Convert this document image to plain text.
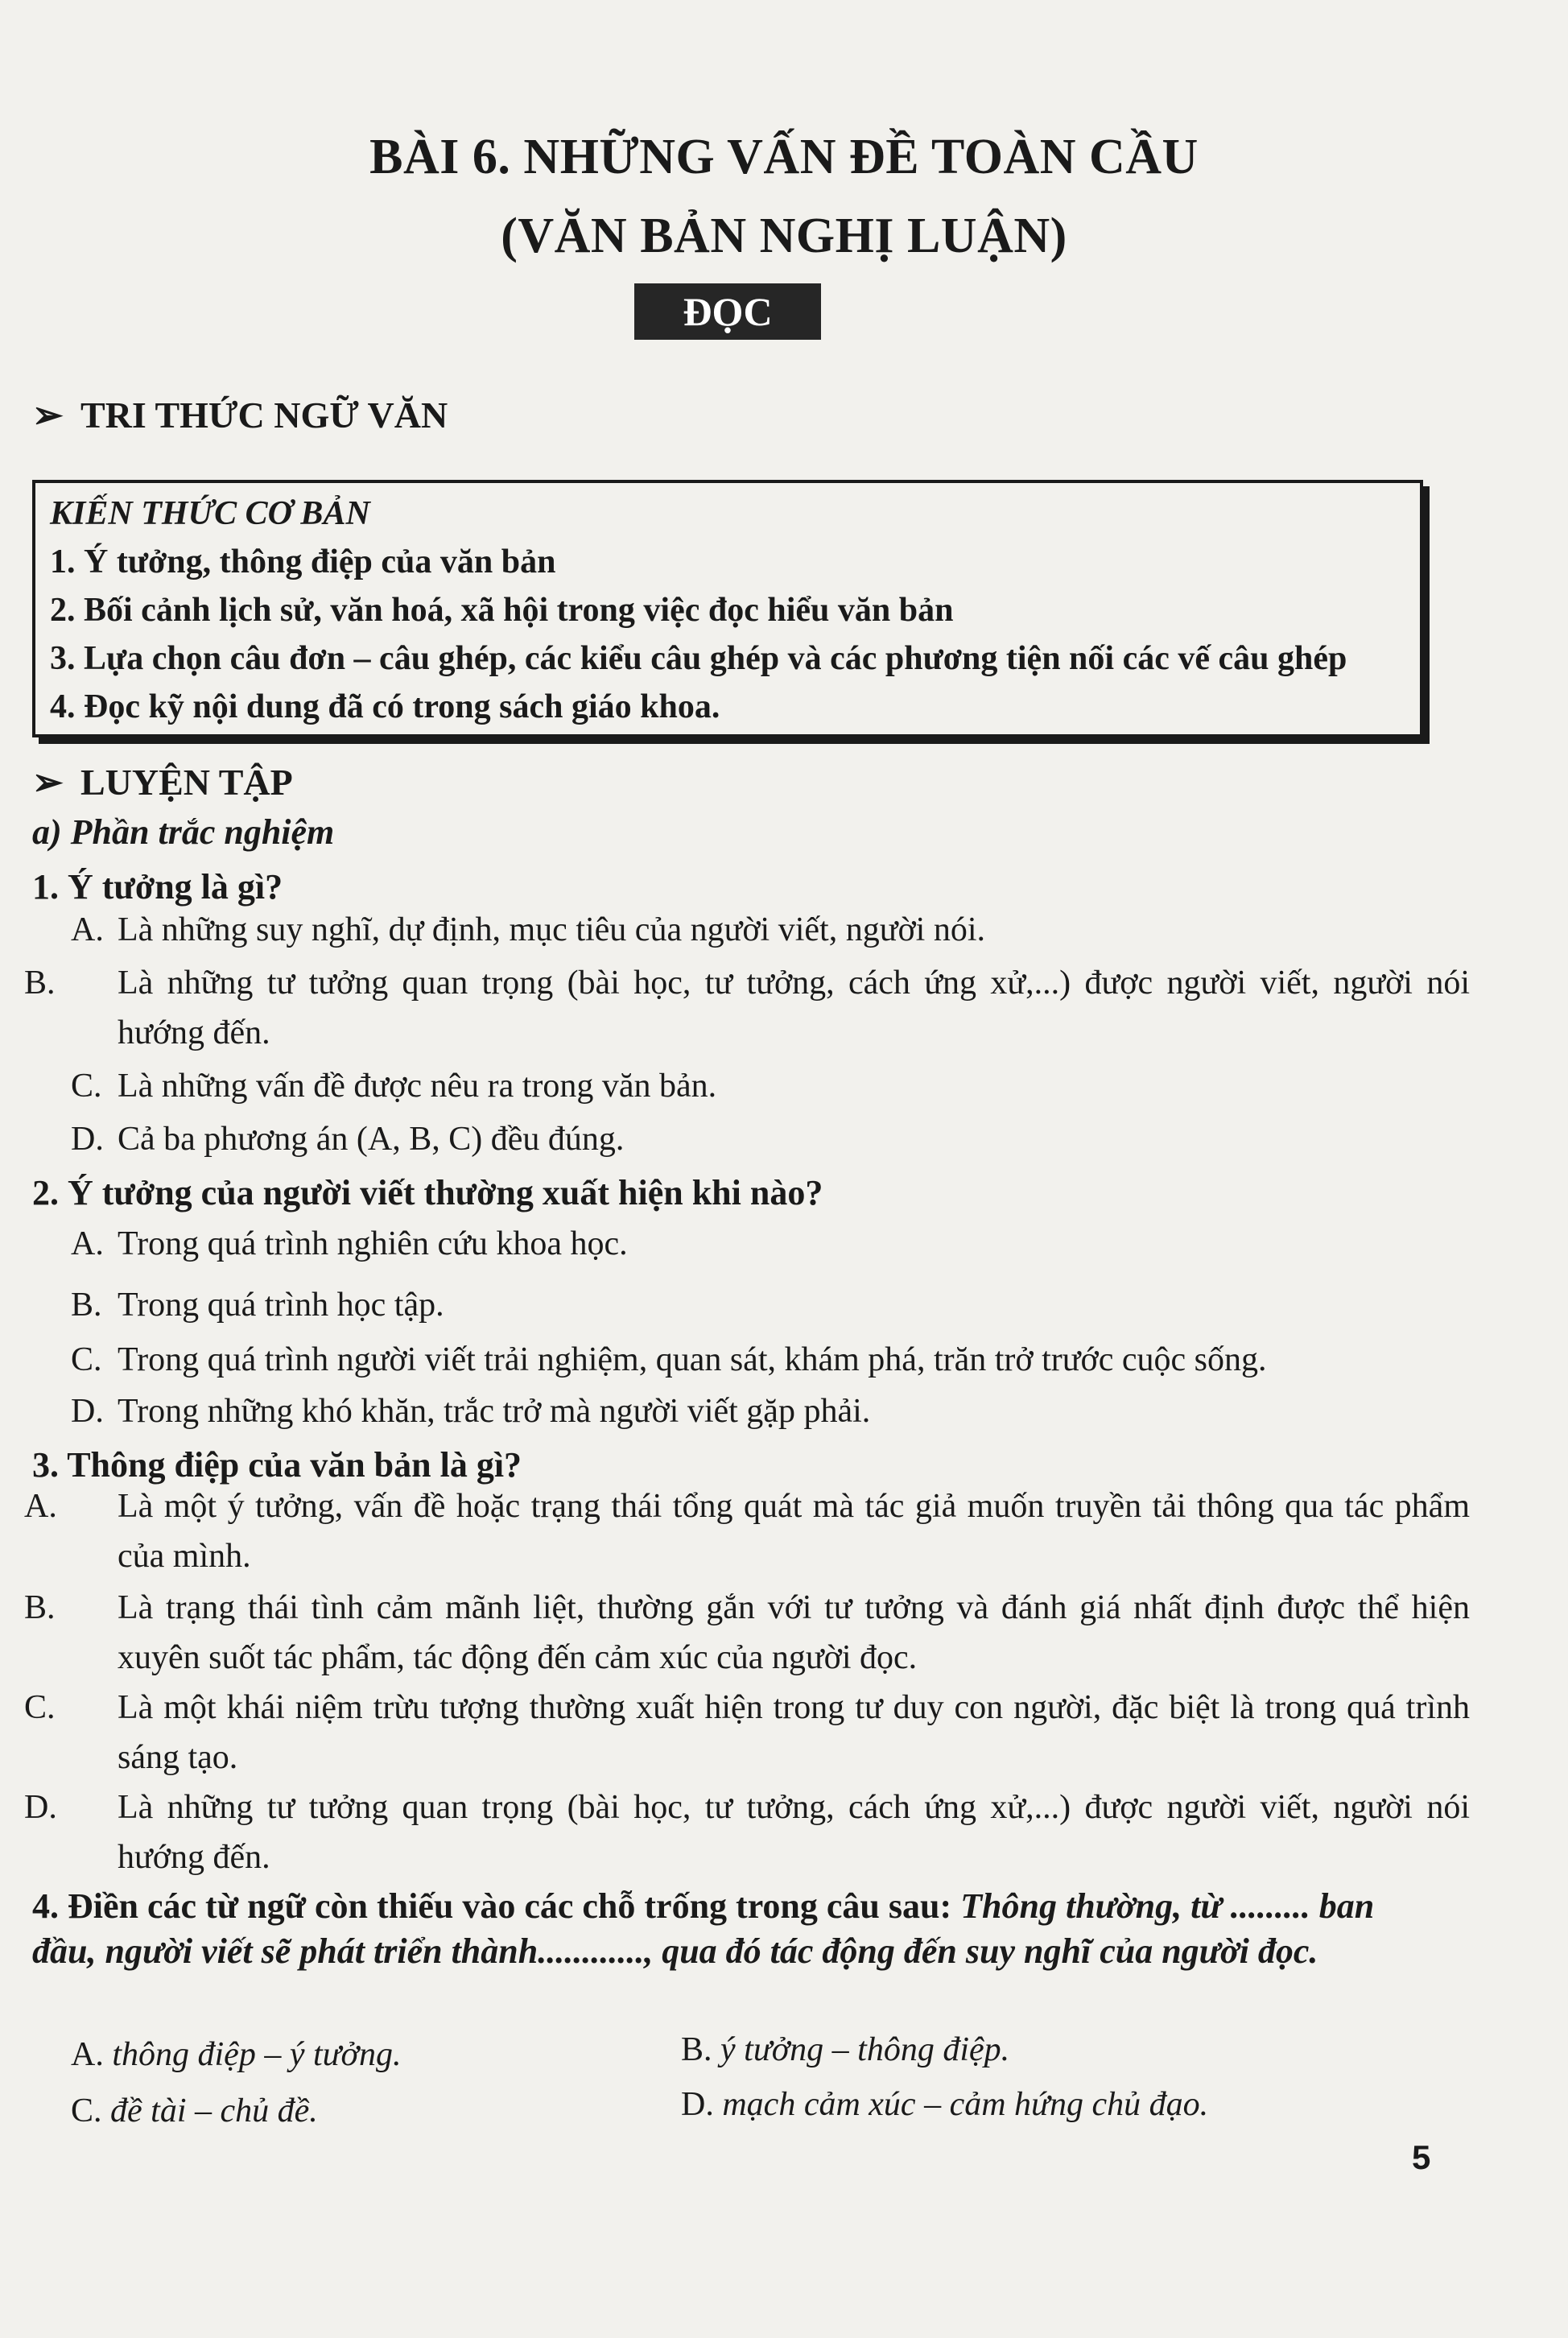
BÀI 6. NHỮNG VẤN ĐỀ TOÀN CẦU
(VĂN BẢN NGHỊ LUẬN)
ĐỌC
➢ TRI THỨC NGỮ VĂN
KIẾN THỨC CƠ BẢN
1. Ý tưởng, thông điệp của văn bản
2. Bối cảnh lịch sử, văn hoá, xã hội trong việc đọc hiểu văn bản
3. Lựa chọn câu đơn – câu ghép, các kiểu câu ghép và các phương tiện nối các vế câu ghép
4. Đọc kỹ nội dung đã có trong sách giáo khoa.
➢ LUYỆN TẬP
a) Phần trắc nghiệm
1. Ý tưởng là gì?
A. Là những suy nghĩ, dự định, mục tiêu của người viết, người nói.
B. Là những tư tưởng quan trọng (bài học, tư tưởng, cách ứng xử,...) được người viết, người nói hướng đến.
C. Là những vấn đề được nêu ra trong văn bản.
D. Cả ba phương án (A, B, C) đều đúng.
2. Ý tưởng của người viết thường xuất hiện khi nào?
A. Trong quá trình nghiên cứu khoa học.
B. Trong quá trình học tập.
C. Trong quá trình người viết trải nghiệm, quan sát, khám phá, trăn trở trước cuộc sống.
D. Trong những khó khăn, trắc trở mà người viết gặp phải.
3. Thông điệp của văn bản là gì?
A. Là một ý tưởng, vấn đề hoặc trạng thái tổng quát mà tác giả muốn truyền tải thông qua tác phẩm của mình.
B. Là trạng thái tình cảm mãnh liệt, thường gắn với tư tưởng và đánh giá nhất định được thể hiện xuyên suốt tác phẩm, tác động đến cảm xúc của người đọc.
C. Là một khái niệm trừu tượng thường xuất hiện trong tư duy con người, đặc biệt là trong quá trình sáng tạo.
D. Là những tư tưởng quan trọng (bài học, tư tưởng, cách ứng xử,...) được người viết, người nói hướng đến.
4. Điền các từ ngữ còn thiếu vào các chỗ trống trong câu sau: Thông thường, từ ......... ban đầu, người viết sẽ phát triển thành............, qua đó tác động đến suy nghĩ của người đọc.
A. thông điệp – ý tưởng.	B. ý tưởng – thông điệp.
C. đề tài – chủ đề.	D. mạch cảm xúc – cảm hứng chủ đạo.
5
